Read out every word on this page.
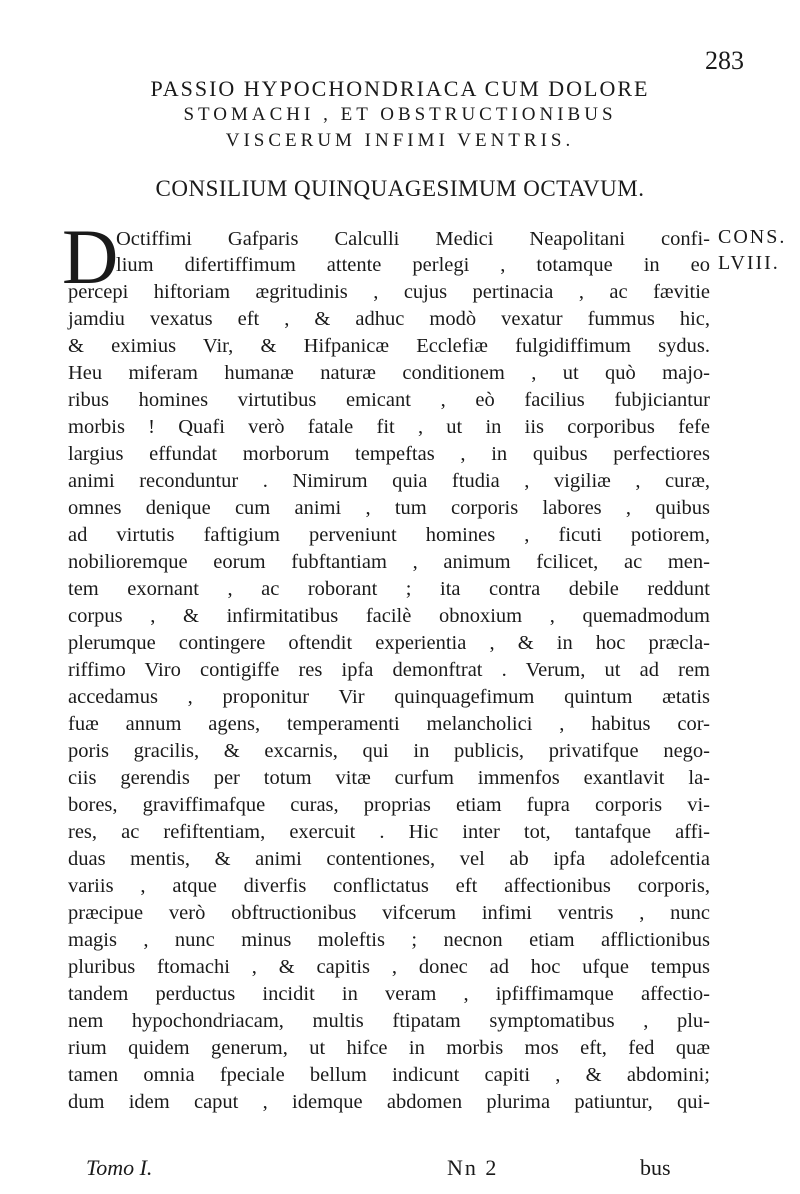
283
PASSIO HYPOCHONDRIACA CUM DOLORE
STOMACHI , ET OBSTRUCTIONIBUS
VISCERUM INFIMI VENTRIS.
CONSILIUM QUINQUAGESIMUM OCTAVUM.
D	CONS.
LVIII.
Octiffimi Gafparis Calculli Medici Neapolitani confi-
lium difertiffimum attente perlegi , totamque in eo
percepi hiftoriam ægritudinis , cujus pertinacia , ac fævitie
jamdiu vexatus eft , & adhuc modò vexatur fummus hic,
& eximius Vir, & Hifpanicæ Ecclefiæ fulgidiffimum sydus.
Heu miferam humanæ naturæ conditionem , ut quò majo-
ribus homines virtutibus emicant , eò facilius fubjiciantur
morbis ! Quafi verò fatale fit , ut in iis corporibus fefe
largius effundat morborum tempeftas , in quibus perfectiores
animi reconduntur . Nimirum quia ftudia , vigiliæ , curæ,
omnes denique cum animi , tum corporis labores , quibus
ad virtutis faftigium perveniunt homines , ficuti potiorem,
nobilioremque eorum fubftantiam , animum fcilicet, ac men-
tem exornant , ac roborant ; ita contra debile reddunt
corpus , & infirmitatibus facilè obnoxium , quemadmodum
plerumque contingere oftendit experientia , & in hoc præcla-
riffimo Viro contigiffe res ipfa demonftrat . Verum, ut ad rem
accedamus , proponitur Vir quinquagefimum quintum ætatis
fuæ annum agens, temperamenti melancholici , habitus cor-
poris gracilis, & excarnis, qui in publicis, privatifque nego-
ciis gerendis per totum vitæ curfum immenfos exantlavit la-
bores, graviffimafque curas, proprias etiam fupra corporis vi-
res, ac refiftentiam, exercuit . Hic inter tot, tantafque affi-
duas mentis, & animi contentiones, vel ab ipfa adolefcentia
variis , atque diverfis conflictatus eft affectionibus corporis,
præcipue verò obftructionibus vifcerum infimi ventris , nunc
magis , nunc minus moleftis ; necnon etiam afflictionibus
pluribus ftomachi , & capitis , donec ad hoc ufque tempus
tandem perductus incidit in veram , ipfiffimamque affectio-
nem hypochondriacam, multis ftipatam symptomatibus , plu-
rium quidem generum, ut hifce in morbis mos eft, fed quæ
tamen omnia fpeciale bellum indicunt capiti , & abdomini;
dum idem caput , idemque abdomen plurima patiuntur, qui-
Tomo I.	Nn 2	bus
